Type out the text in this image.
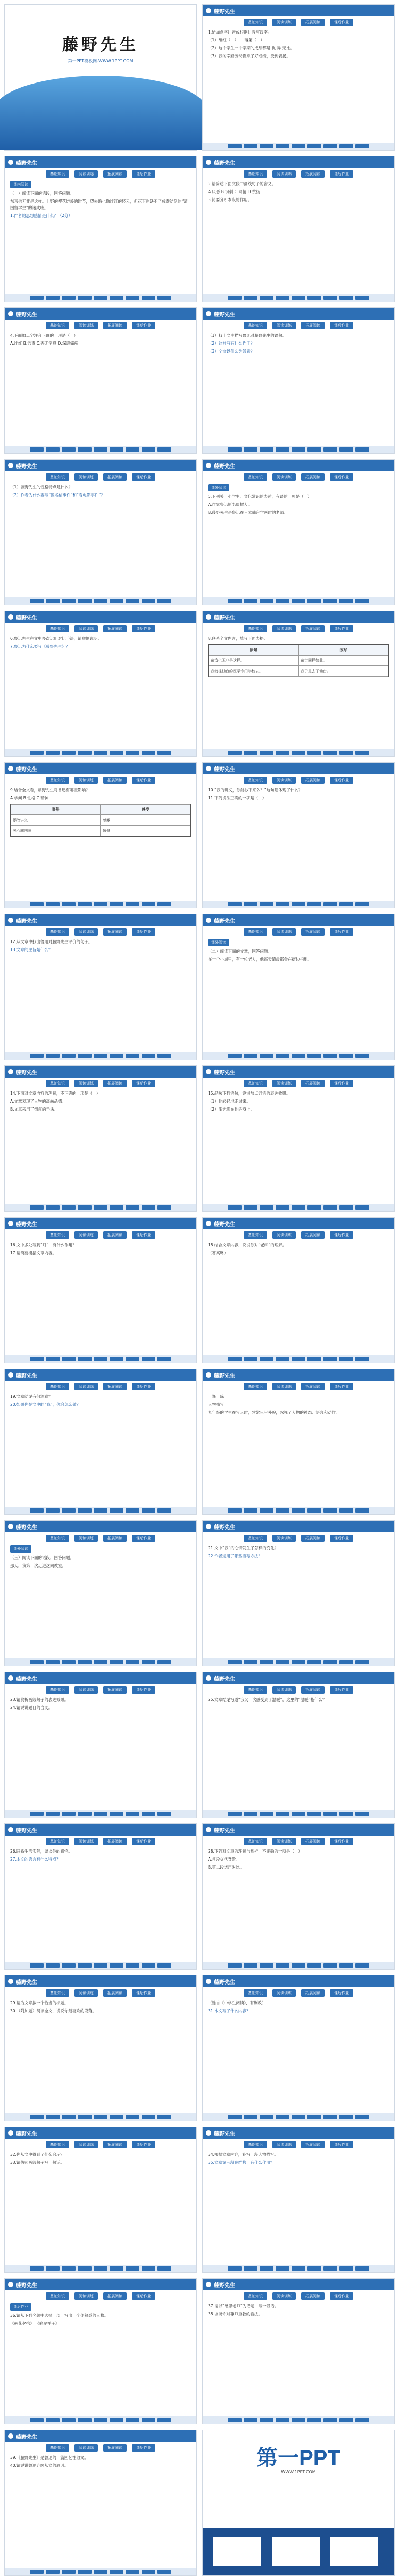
藤野先生
第一PPT模板网-WWW.1PPT.COM
藤野先生
基础知识	阅读训练	拓展阅读	课后作业

1.给加点字注音或根据拼音写汉字。

（1）绯红（　）　　落第（　）

（2）这个学生一个学期的成绩都是 优 异 无比。

（3）我的辛勤劳动换来了好成绩，受到表扬。

藤野先生
基础知识	阅读训练	拓展阅读	课后作业
课内阅读

（一）阅读下面的语段，回答问题。

东京也无非是这样。上野的樱花烂熳的时节，望去确也像绯红的轻云，但花下也缺不了成群结队的“清国留学生”的速成班。

1.作者的思想感情是什么？（2分）

藤野先生
基础知识	阅读训练	拓展阅读	课后作业

2.请简述下面文段中画线句子的含义。

A.厌恶 B.讽刺 C.同情 D.赞扬

3.简要分析本段的作用。

藤野先生
基础知识	阅读训练	拓展阅读	课后作业

4.下面加点字注音正确的一项是（　）

A.绯红 B.诘责 C.杳无消息 D.深恶痛疾

藤野先生
基础知识	阅读训练	拓展阅读	课后作业

（1）找出文中描写鲁迅对藤野先生的语句。

（2）这样写有什么作用？

（3）全文以什么为线索？

藤野先生
基础知识	阅读训练	拓展阅读	课后作业

（1）藤野先生的性格特点是什么？

（2）作者为什么要写“匿名信事件”和“看电影事件”？

藤野先生
基础知识	阅读训练	拓展阅读	课后作业
课外阅读

5.下列关于小学生、文化常识的表述，有误的一项是（　）

A.作家鲁迅原名周树人。

B.藤野先生是鲁迅在日本仙台学医时的老师。

藤野先生
基础知识	阅读训练	拓展阅读	课后作业

6.鲁迅先生在文中多次运用对比手法，请举例说明。

7.鲁迅为什么要写《藤野先生》？

藤野先生
基础知识	阅读训练	拓展阅读	课后作业

8.联系全文内容，填写下面表格。

原句	改写
东京也无非是这样。	东京同样如此。
我就往仙台的医学专门学校去。	我于是去了仙台。
藤野先生
基础知识	阅读训练	拓展阅读	课后作业

9.结合全文看，藤野先生对鲁迅有哪些影响？

A.学问 B.性格 C.精神

事件	感受
添改讲义	感激
关心解剖图	敬佩
藤野先生
基础知识	阅读训练	拓展阅读	课后作业

10.“我的讲义，你能抄下来么？”这句话体现了什么？

11.下列说法正确的一项是（　）

藤野先生
基础知识	阅读训练	拓展阅读	课后作业

12.从文章中找出鲁迅对藤野先生评价的句子。

13.文章的主旨是什么？

藤野先生
基础知识	阅读训练	拓展阅读	课后作业
课外阅读

（二）阅读下面的文章，回答问题。

在一个小城里，有一位老人，他每天清晨都会在街边扫地。

藤野先生
基础知识	阅读训练	拓展阅读	课后作业

14.下面对文章内容的理解，不正确的一项是（　）

A.文章表现了人物的高尚品德。

B.文章采用了倒叙的手法。

藤野先生
基础知识	阅读训练	拓展阅读	课后作业

15.品味下列语句，说说加点词语的表达效果。

（1）他轻轻地走过来。

（2）阳光洒在他的身上。

藤野先生
基础知识	阅读训练	拓展阅读	课后作业

16.文中多处写到“灯”，有什么作用？

17.请简要概括文章内容。

藤野先生
基础知识	阅读训练	拓展阅读	课后作业

18.结合文章内容，说说你对“老师”的理解。

（答案略）

藤野先生
基础知识	阅读训练	拓展阅读	课后作业

19.文章结尾有何深意？

20.如果你是文中的“我”，你会怎么做？

藤野先生
基础知识	阅读训练	拓展阅读	课后作业

一课一练

人物描写

九年级的学生在写人时，常常只写外貌，忽视了人物的神态、语言和动作。

藤野先生
基础知识	阅读训练	拓展阅读	课后作业
课外阅读

（三）阅读下面的语段，回答问题。

那天，我第一次走进这间教室。

藤野先生
基础知识	阅读训练	拓展阅读	课后作业

21.文中“我”的心情发生了怎样的变化？

22.作者运用了哪些描写方法？

藤野先生
基础知识	阅读训练	拓展阅读	课后作业

23.请赏析画线句子的表达效果。

24.请说说题目的含义。

藤野先生
基础知识	阅读训练	拓展阅读	课后作业

25.文章结尾写道“我又一次感受到了温暖”，这里的“温暖”指什么？

藤野先生
基础知识	阅读训练	拓展阅读	课后作业

26.联系生活实际，谈谈你的感悟。

27.本文的语言有什么特点？

藤野先生
基础知识	阅读训练	拓展阅读	课后作业

28.下列对文章的理解与赏析，不正确的一项是（　）

A.首段交代背景。

B.第二段运用对比。

藤野先生
基础知识	阅读训练	拓展阅读	课后作业

29.请为文章拟一个恰当的标题。

30.（附加题）阅读全文，说说你最喜欢的段落。

藤野先生
基础知识	阅读训练	拓展阅读	课后作业

（选自《中学生阅读》，有删改）

31.本文写了什么内容？

藤野先生
基础知识	阅读训练	拓展阅读	课后作业

32.你从文中得到了什么启示？

33.请仿照画线句子写一句话。

藤野先生
基础知识	阅读训练	拓展阅读	课后作业

34.根据文章内容，补写一段人物描写。

35.文章第三段在结构上有什么作用？

藤野先生
基础知识	阅读训练	拓展阅读	课后作业
课后作业

36.请从下列名著中选择一部，写出一个你熟悉的人物。

《朝花夕拾》 《骆驼祥子》

藤野先生
基础知识	阅读训练	拓展阅读	课后作业

37.请以“感恩老师”为话题，写一段话。

38.谈谈你对尊师重教的看法。

藤野先生
基础知识	阅读训练	拓展阅读	课后作业

39.《藤野先生》是鲁迅的一篇回忆性散文。

40.请说说鲁迅弃医从文的原因。	第一PPT
WWW.1PPT.COM
